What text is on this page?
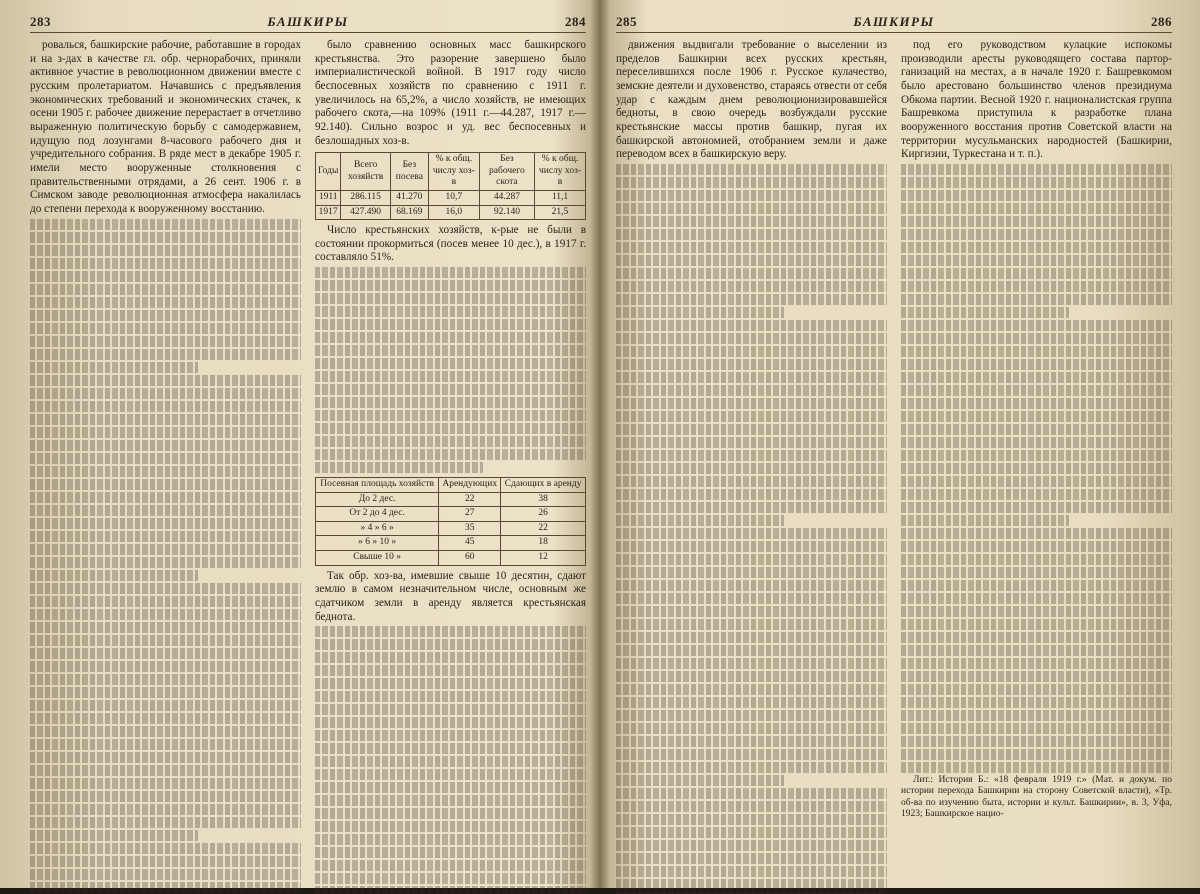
283	БАШКИРЫ	284

ровалься, башкирские рабочие, работавшие в городах и на з-дах в качестве гл. обр. чернорабочих, приняли активное участие в революционном движении вместе с русским пролетариатом. Начавшись с предъявления экономических требований и экономических стачек, к осени 1905 г. рабочее движение перерастает в отчетливо выраженную политическую борьбу с самодержавием, идущую под лозунгами 8-часового рабочего дня и учредительного собрания. В ряде мест в декабре 1905 г. имели место вооруженные столкновения с правительственными отрядами, а 26 сент. 1906 г. в Симском заводе революционная атмосфера накалилась до степени перехода к вооруженному восстанию.

было сравнению основных масс башкирского крестьянства. Это разорение завершено было империалистической войной. В 1917 году число беспосевных хозяйств по сравнению с 1911 г. увеличилось на 65,2%, а число хозяйств, не имеющих рабочего скота,—на 109% (1911 г.—44.287, 1917 г.—92.140). Сильно возрос и уд. вес беспосевных и безлошадных хоз-в.

Годы	Всего хозяйств	Без посева	% к общ. числу хоз-в	Без рабочего скота	% к общ. числу хоз-в
1911	286.115	41.270	10,7	44.287	11,1
1917	427.490	68.169	16,0	92.140	21,5

Число крестьянских хозяйств, к-рые не были в состоянии прокормиться (посев менее 10 дес.), в 1917 г. составляло 51%.

Посевная площадь хозяйств	Арендующих	Сдающих в аренду
До 2 дес.	22	38
От 2 до 4 дес.	27	26
» 4 » 6 »	35	22
» 6 » 10 »	45	18
Свыше 10 »	60	12

Так обр. хоз-ва, имевшие свыше 10 десятин, сдают землю в самом незначительном числе, основным же сдатчиком земли в аренду является крестьянская беднота.

285	БАШКИРЫ	286

движения выдвигали требование о выселении из пределов Башкирии всех русских крестьян, переселившихся после 1906 г. Русское кулачество, земские деятели и духовенство, стараясь отвести от себя удар с каждым днем революционизировавшейся бедноты, в свою очередь возбуждали русские крестьянские массы против башкир, пугая их башкирской автономией, отобранием земли и даже переводом всех в башкирскую веру.

под его руководством кулацкие испокомы производили аресты руководящего состава парторганизаций на местах, а в начале 1920 г. Башревкомом было арестовано большинство членов президиума Обкома партии. Весной 1920 г. националистская группа Башревкома приступила к разработке плана вооруженного восстания против Советской власти на территории мусульманских народностей (Башкирии, Киргизии, Туркестана и т. п.).

Лит.: История Б.: «18 февраля 1919 г.» (Мат. и докум. по истории перехода Башкирии на сторону Советской власти), «Тр. об-ва по изучению быта, истории и культ. Башкирии», в. 3, Уфа, 1923; Башкирское нацио-
